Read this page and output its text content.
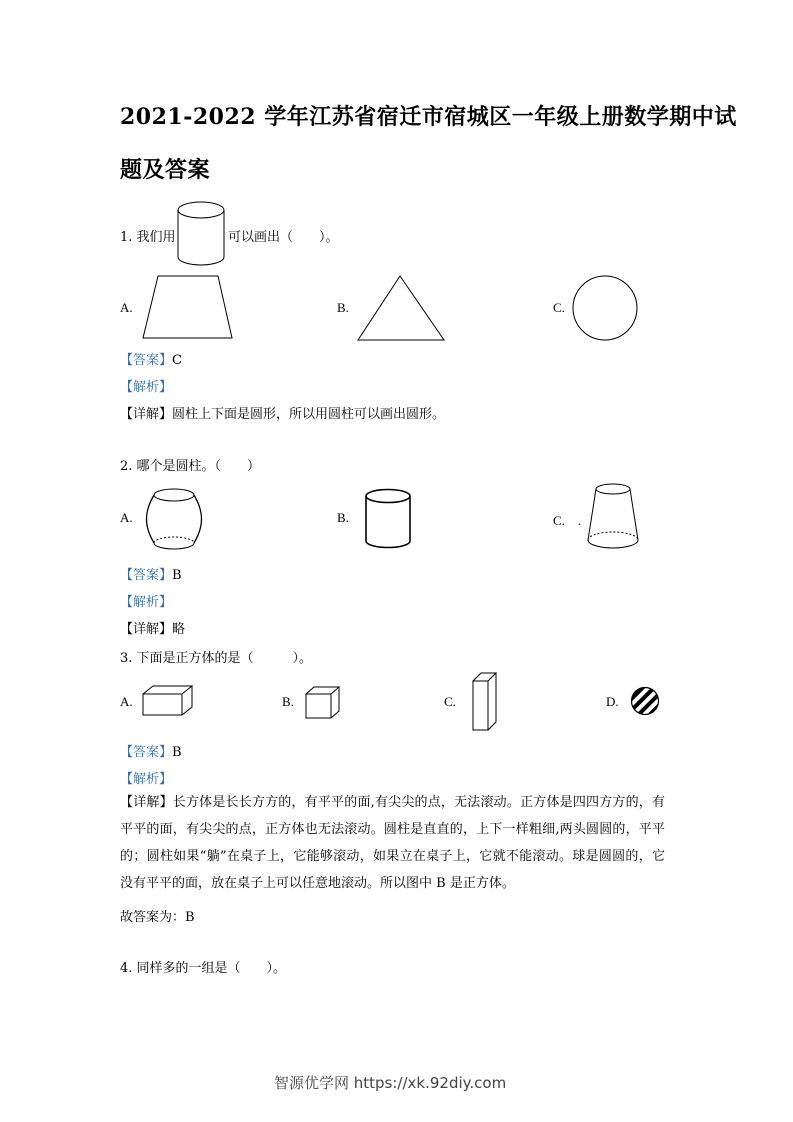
2021-2022 学年江苏省宿迁市宿城区一年级上册数学期中试
题及答案
1. 我们用	可以画出（　　）。
A.	B.	C.
【答案】C
【解析】
【详解】圆柱上下面是圆形，所以用圆柱可以画出圆形。
2. 哪个是圆柱。（　　）
A.	B.	C.　.
【答案】B
【解析】
【详解】略
3. 下面是正方体的是（　　　）。
A.	B.	C.	D.
【答案】B
【解析】
【详解】长方体是长长方方的，有平平的面,有尖尖的点，无法滚动。正方体是四四方方的，有平平的面，有尖尖的点，正方体也无法滚动。圆柱是直直的，上下一样粗细,两头圆圆的，平平的；圆柱如果“躺”在桌子上，它能够滚动，如果立在桌子上，它就不能滚动。球是圆圆的，它没有平平的面，放在桌子上可以任意地滚动。所以图中 B 是正方体。
故答案为：B
4. 同样多的一组是（　　）。
智源优学网 https://xk.92diy.com
